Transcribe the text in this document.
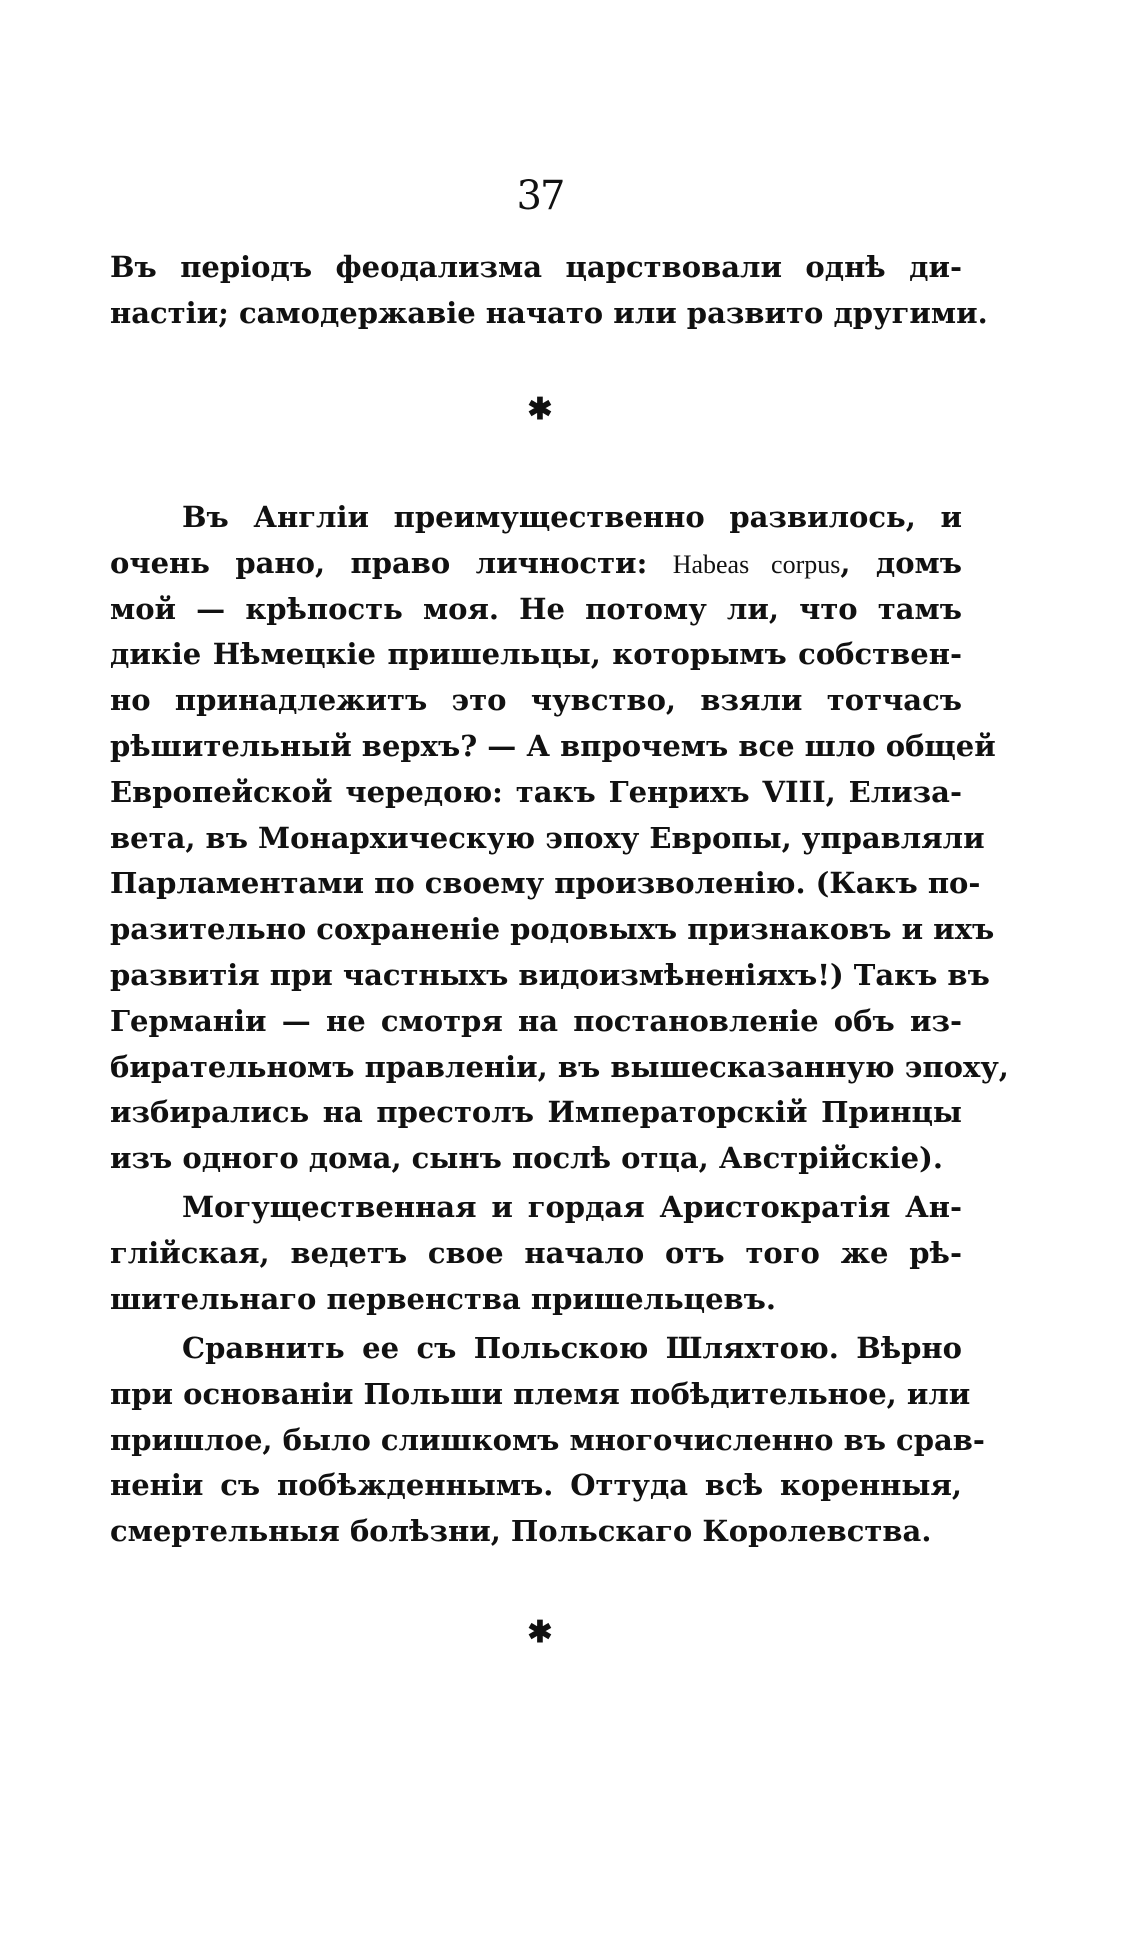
37
Въ періодъ феодализма царствовали однѣ ди-
настіи; самодержавіе начато или развито другими.
✱
Въ Англіи преимущественно развилось, и
очень рано, право личности: Habeas corpus, домъ
мой — крѣпость моя. Не потому ли, что тамъ
дикіе Нѣмецкіе пришельцы, которымъ собствен-
но принадлежитъ это чувство, взяли тотчасъ
рѣшительный верхъ? — А впрочемъ все шло общей
Европейской чередою: такъ Генрихъ VIII, Елиза-
вета, въ Монархическую эпоху Европы, управляли
Парламентами по своему произволенію. (Какъ по-
разительно сохраненіе родовыхъ признаковъ и ихъ
развитія при частныхъ видоизмѣненіяхъ!) Такъ въ
Германіи — не смотря на постановленіе объ из-
бирательномъ правленіи, въ вышесказанную эпоху,
избирались на престолъ Императорскій Принцы
изъ одного дома, сынъ послѣ отца, Австрійскіе).
Могущественная и гордая Аристократія Ан-
глійская, ведетъ свое начало отъ того же рѣ-
шительнаго первенства пришельцевъ.
Сравнить ее съ Польскою Шляхтою. Вѣрно
при основаніи Польши племя побѣдительное, или
пришлое, было слишкомъ многочисленно въ срав-
неніи съ побѣжденнымъ. Оттуда всѣ коренныя,
смертельныя болѣзни, Польскаго Королевства.
✱
